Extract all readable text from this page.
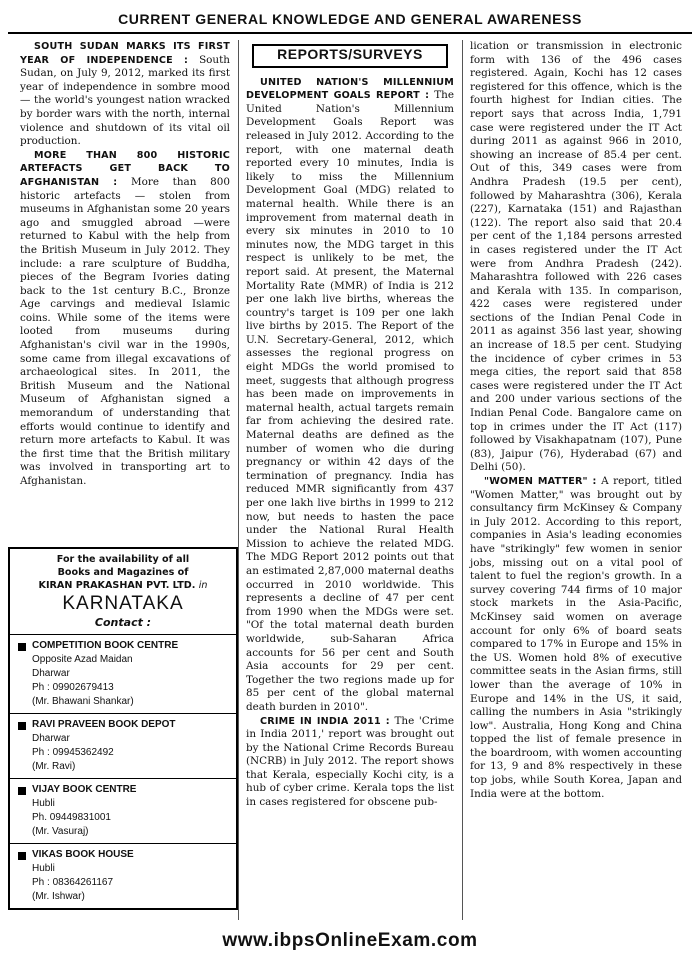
CURRENT GENERAL KNOWLEDGE AND GENERAL AWARENESS

SOUTH SUDAN MARKS ITS FIRST YEAR OF INDEPENDENCE : South Sudan, on July 9, 2012, marked its first year of independence in sombre mood — the world's youngest nation wracked by border wars with the north, internal violence and shutdown of its vital oil production.

MORE THAN 800 HISTORIC ARTEFACTS GET BACK TO AFGHANISTAN : More than 800 historic artefacts — stolen from museums in Afghanistan some 20 years ago and smuggled abroad —were returned to Kabul with the help from the British Museum in July 2012. They include: a rare sculpture of Buddha, pieces of the Begram Ivories dating back to the 1st century B.C., Bronze Age carvings and medieval Islamic coins. While some of the items were looted from museums during Afghanistan's civil war in the 1990s, some came from illegal excavations of archaeological sites. In 2011, the British Museum and the National Museum of Afghanistan signed a memorandum of understanding that efforts would continue to identify and return more artefacts to Kabul. It was the first time that the British military was involved in transporting art to Afghanistan.

For the availability of all
Books and Magazines of
KIRAN PRAKASHAN PVT. LTD. in
KARNATAKA
Contact :
COMPETITION BOOK CENTRE
Opposite Azad Maidan
Dharwar
Ph : 09902679413
(Mr. Bhawani Shankar)
RAVI PRAVEEN BOOK DEPOT
Dharwar
Ph : 09945362492
(Mr. Ravi)
VIJAY BOOK CENTRE
Hubli
Ph. 09449831001
(Mr. Vasuraj)
VIKAS BOOK HOUSE
Hubli
Ph : 08364261167
(Mr. Ishwar)
REPORTS/SURVEYS

UNITED NATION'S MILLENNIUM DEVELOPMENT GOALS REPORT : The United Nation's Millennium Development Goals Report was released in July 2012. According to the report, with one maternal death reported every 10 minutes, India is likely to miss the Millennium Development Goal (MDG) related to maternal health. While there is an improvement from maternal death in every six minutes in 2010 to 10 minutes now, the MDG target in this respect is unlikely to be met, the report said. At present, the Maternal Mortality Rate (MMR) of India is 212 per one lakh live births, whereas the country's target is 109 per one lakh live births by 2015. The Report of the U.N. Secretary-General, 2012, which assesses the regional progress on eight MDGs the world promised to meet, suggests that although progress has been made on improvements in maternal health, actual targets remain far from achieving the desired rate. Maternal deaths are defined as the number of women who die during pregnancy or within 42 days of the termination of pregnancy. India has reduced MMR significantly from 437 per one lakh live births in 1999 to 212 now, but needs to hasten the pace under the National Rural Health Mission to achieve the related MDG. The MDG Report 2012 points out that an estimated 2,87,000 maternal deaths occurred in 2010 worldwide. This represents a decline of 47 per cent from 1990 when the MDGs were set. "Of the total maternal death burden worldwide, sub-Saharan Africa accounts for 56 per cent and South Asia accounts for 29 per cent. Together the two regions made up for 85 per cent of the global maternal death burden in 2010".

CRIME IN INDIA 2011 : The 'Crime in India 2011,' report was brought out by the National Crime Records Bureau (NCRB) in July 2012. The report shows that Kerala, especially Kochi city, is a hub of cyber crime. Kerala tops the list in cases registered for obscene pub-

lication or transmission in electronic form with 136 of the 496 cases registered. Again, Kochi has 12 cases registered for this offence, which is the fourth highest for Indian cities. The report says that across India, 1,791 case were registered under the IT Act during 2011 as against 966 in 2010, showing an increase of 85.4 per cent. Out of this, 349 cases were from Andhra Pradesh (19.5 per cent), followed by Maharashtra (306), Kerala (227), Karnataka (151) and Rajasthan (122). The report also said that 20.4 per cent of the 1,184 persons arrested in cases registered under the IT Act were from Andhra Pradesh (242). Maharashtra followed with 226 cases and Kerala with 135. In comparison, 422 cases were registered under sections of the Indian Penal Code in 2011 as against 356 last year, showing an increase of 18.5 per cent. Studying the incidence of cyber crimes in 53 mega cities, the report said that 858 cases were registered under the IT Act and 200 under various sections of the Indian Penal Code. Bangalore came on top in crimes under the IT Act (117) followed by Visakhapatnam (107), Pune (83), Jaipur (76), Hyderabad (67) and Delhi (50).

"WOMEN MATTER" : A report, titled "Women Matter," was brought out by consultancy firm McKinsey & Company in July 2012. According to this report, companies in Asia's leading economies have "strikingly" few women in senior jobs, missing out on a vital pool of talent to fuel the region's growth. In a survey covering 744 firms of 10 major stock markets in the Asia-Pacific, McKinsey said women on average account for only 6% of board seats compared to 17% in Europe and 15% in the US. Women hold 8% of executive committee seats in the Asian firms, still lower than the average of 10% in Europe and 14% in the US, it said, calling the numbers in Asia "strikingly low". Australia, Hong Kong and China topped the list of female presence in the boardroom, with women accounting for 13, 9 and 8% respectively in these top jobs, while South Korea, Japan and India were at the bottom.

www.ibpsOnlineExam.com
